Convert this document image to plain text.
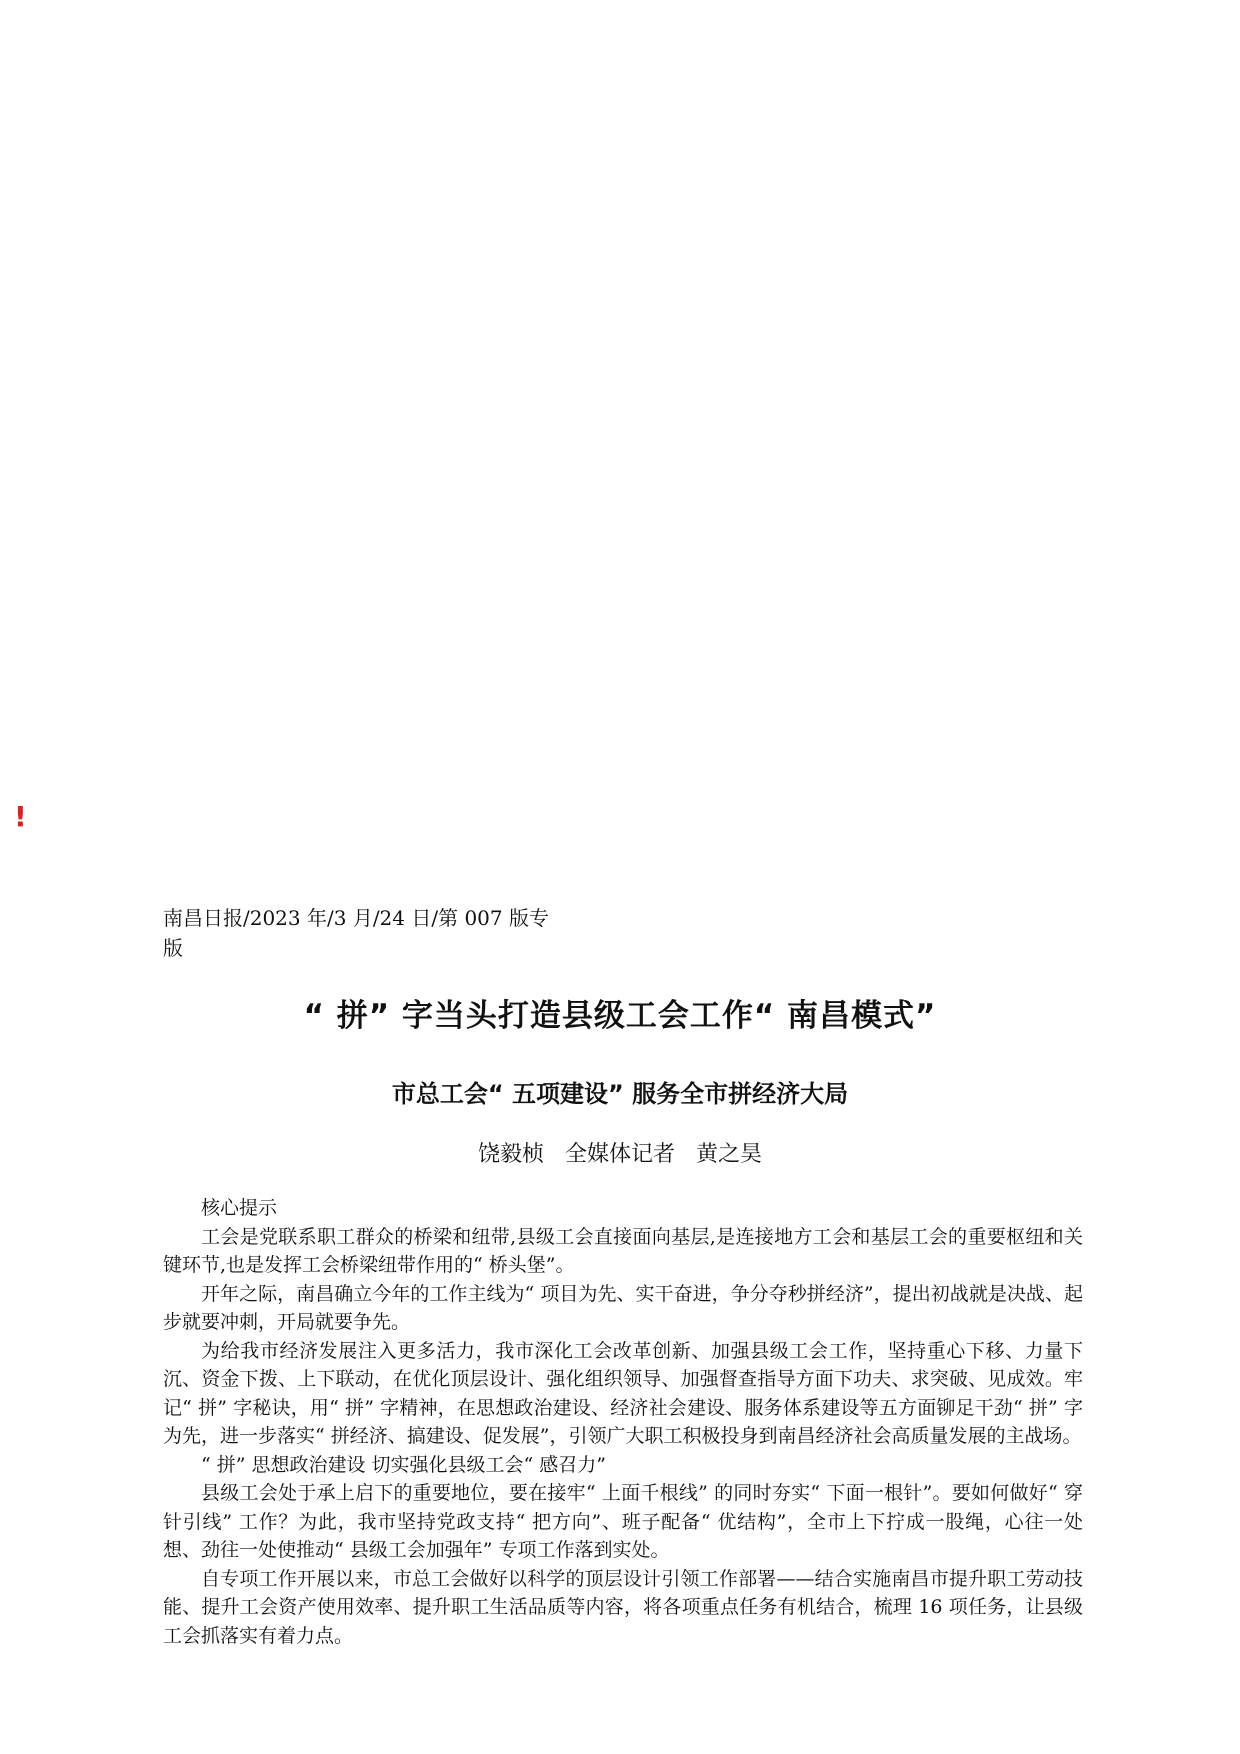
!
南昌日报/2023 年/3 月/24 日/第 007 版专版
“ 拼” 字当头打造县级工会工作“ 南昌模式”
市总工会“ 五项建设” 服务全市拼经济大局
饶毅桢 全媒体记者 黄之昊

核心提示

工会是党联系职工群众的桥梁和纽带,县级工会直接面向基层,是连接地方工会和基层工会的重要枢纽和关键环节,也是发挥工会桥梁纽带作用的“ 桥头堡”。

开年之际，南昌确立今年的工作主线为“ 项目为先、实干奋进，争分夺秒拼经济”，提出初战就是决战、起步就要冲刺，开局就要争先。

为给我市经济发展注入更多活力，我市深化工会改革创新、加强县级工会工作，坚持重心下移、力量下沉、资金下拨、上下联动，在优化顶层设计、强化组织领导、加强督查指导方面下功夫、求突破、见成效。牢记“ 拼” 字秘诀，用“ 拼” 字精神，在思想政治建设、经济社会建设、服务体系建设等五方面铆足干劲“ 拼” 字为先，进一步落实“ 拼经济、搞建设、促发展”，引领广大职工积极投身到南昌经济社会高质量发展的主战场。

“ 拼” 思想政治建设 切实强化县级工会“ 感召力”

县级工会处于承上启下的重要地位，要在接牢“ 上面千根线” 的同时夯实“ 下面一根针”。要如何做好“ 穿针引线” 工作？为此，我市坚持党政支持“ 把方向”、班子配备“ 优结构”，全市上下拧成一股绳，心往一处想、劲往一处使推动“ 县级工会加强年” 专项工作落到实处。

自专项工作开展以来，市总工会做好以科学的顶层设计引领工作部署——结合实施南昌市提升职工劳动技能、提升工会资产使用效率、提升职工生活品质等内容，将各项重点任务有机结合，梳理 16 项任务，让县级工会抓落实有着力点。
